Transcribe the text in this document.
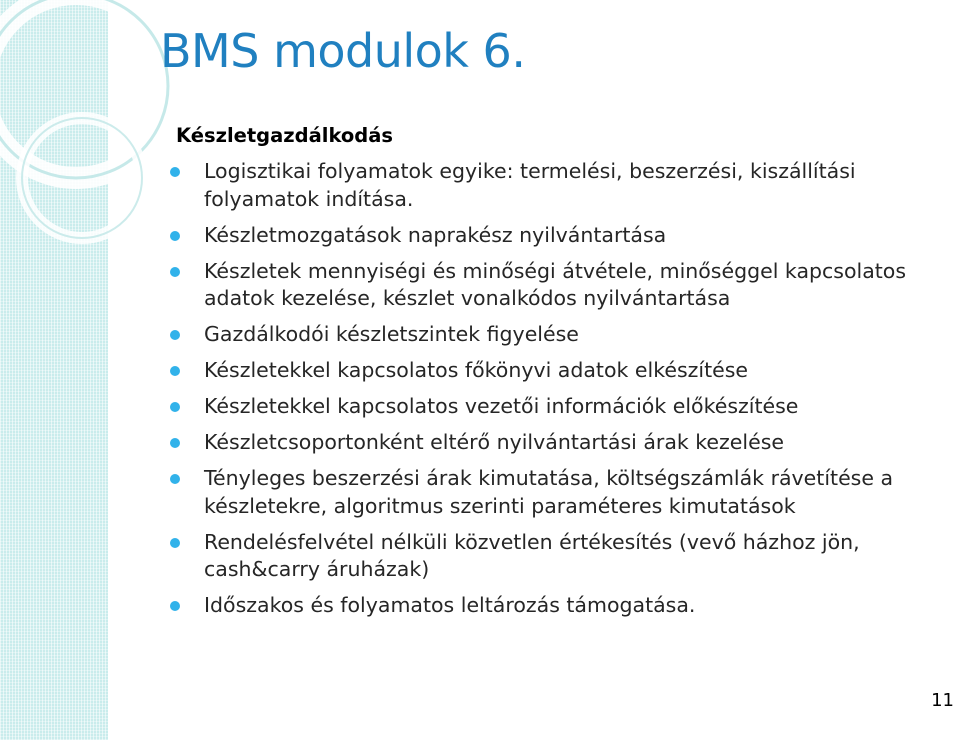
BMS modulok 6.
Készletgazdálkodás
Logisztikai folyamatok egyike: termelési, beszerzési, kiszállítási folyamatok indítása.
Készletmozgatások naprakész nyilvántartása
Készletek mennyiségi és minőségi átvétele, minőséggel kapcsolatos adatok kezelése, készlet vonalkódos nyilvántartása
Gazdálkodói készletszintek figyelése
Készletekkel kapcsolatos főkönyvi adatok elkészítése
Készletekkel kapcsolatos vezetői információk előkészítése
Készletcsoportonként eltérő nyilvántartási árak kezelése
Tényleges beszerzési árak kimutatása, költségszámlák rávetítése a készletekre, algoritmus szerinti paraméteres kimutatások
Rendelésfelvétel nélküli közvetlen értékesítés (vevő házhoz jön, cash&carry áruházak)
Időszakos és folyamatos leltározás támogatása.
11
